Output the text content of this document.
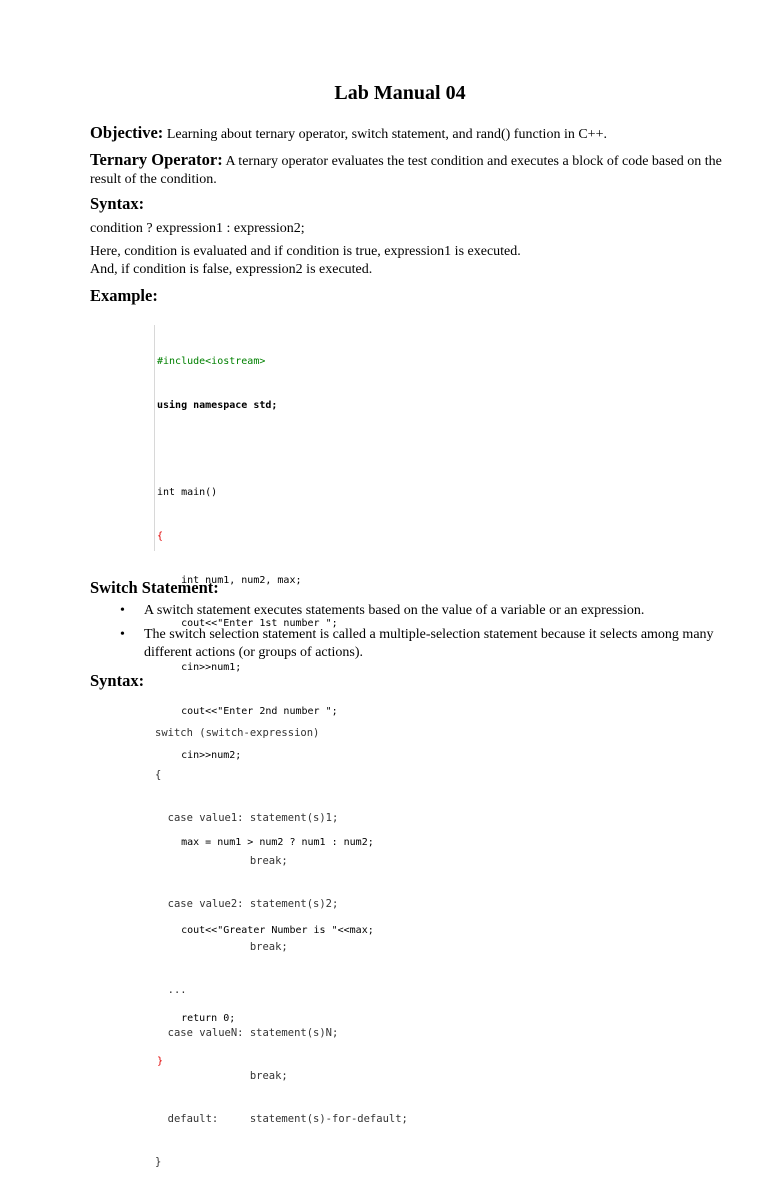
Lab Manual 04
Objective: Learning about ternary operator, switch statement, and rand() function in C++.
Ternary Operator: A ternary operator evaluates the test condition and executes a block of code based on the result of the condition.
Syntax:
condition ? expression1 : expression2;
Here, condition is evaluated and if condition is true, expression1 is executed.
And, if condition is false, expression2 is executed.
Example:

#include<iostream>

using namespace std;

int main()

{

int num1, num2, max;

cout<<"Enter 1st number ";

cin>>num1;

cout<<"Enter 2nd number ";

cin>>num2;

max = num1 > num2 ? num1 : num2;

cout<<"Greater Number is "<<max;

return 0;

}

Switch Statement:
• A switch statement executes statements based on the value of a variable or an expression.
• The switch selection statement is called a multiple-selection statement because it selects among many different actions (or groups of actions).
Syntax:

switch (switch-expression)

{

case value1: statement(s)1;

break;

case value2: statement(s)2;

break;

...

case valueN: statement(s)N;

break;

default:     statement(s)-for-default;

}
